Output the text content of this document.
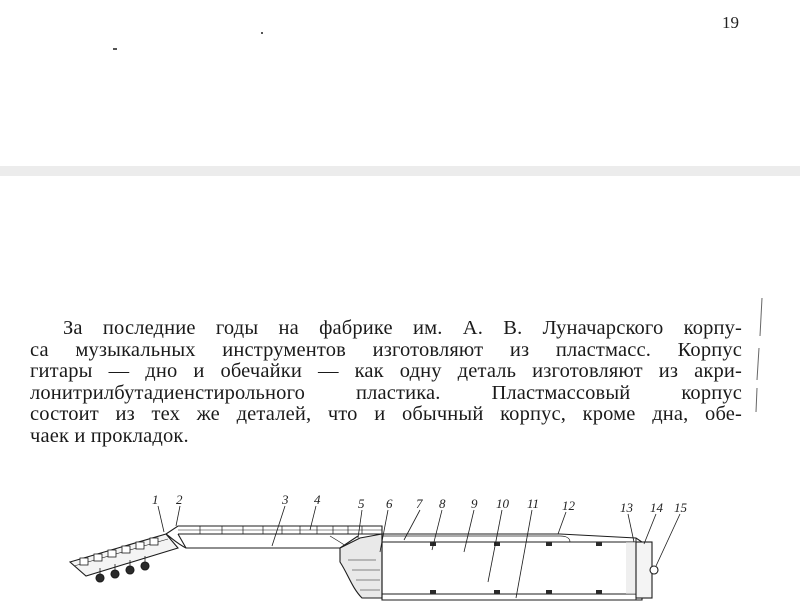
19
За последние годы на фабрике им. А. В. Луначарского корпу-
са музыкальных инструментов изготовляют из пластмасс. Корпус
гитары — дно и обечайки — как одну деталь изготовляют из акри-
лонитрилбутадиенстирольного пластика. Пластмассовый корпус
состоит из тех же деталей, что и обычный корпус, кроме дна, обе-
чаек и прокладок.
1 2	3 4	5 6 7 8 9 10 11 12	13 14 15
